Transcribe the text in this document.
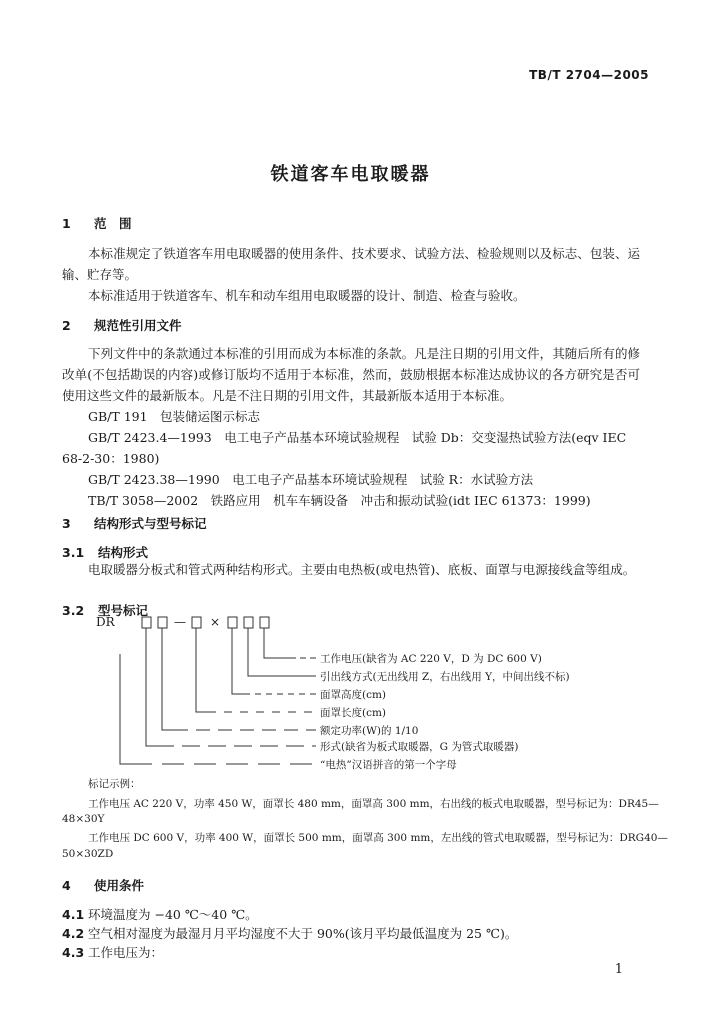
TB/T 2704—2005
铁道客车电取暖器
1 范　围
本标准规定了铁道客车用电取暖器的使用条件、技术要求、试验方法、检验规则以及标志、包装、运输、贮存等。
本标准适用于铁道客车、机车和动车组用电取暖器的设计、制造、检查与验收。
2 规范性引用文件
下列文件中的条款通过本标准的引用而成为本标准的条款。凡是注日期的引用文件，其随后所有的修改单(不包括勘误的内容)或修订版均不适用于本标准，然而，鼓励根据本标准达成协议的各方研究是否可使用这些文件的最新版本。凡是不注日期的引用文件，其最新版本适用于本标准。
GB/T 191　包装储运图示标志
GB/T 2423.4—1993　电工电子产品基本环境试验规程　试验 Db：交变湿热试验方法(eqv IEC
68-2-30：1980)
GB/T 2423.38—1990　电工电子产品基本环境试验规程　试验 R：水试验方法
TB/T 3058—2002　铁路应用　机车车辆设备　冲击和振动试验(idt IEC 61373：1999)
3 结构形式与型号标记
3.1 结构形式
电取暖器分板式和管式两种结构形式。主要由电热板(或电热管)、底板、面罩与电源接线盒等组成。
3.2 型号标记
DR	— ×
工作电压(缺省为 AC 220 V，D 为 DC 600 V)
引出线方式(无出线用 Z，右出线用 Y，中间出线不标)
面罩高度(cm)
面罩长度(cm)
额定功率(W)的 1/10
形式(缺省为板式取暖器，G 为管式取暖器)
“电热”汉语拼音的第一个字母
标记示例：
工作电压 AC 220 V，功率 450 W，面罩长 480 mm，面罩高 300 mm，右出线的板式电取暖器，型号标记为：DR45—
48×30Y
工作电压 DC 600 V，功率 400 W，面罩长 500 mm，面罩高 300 mm，左出线的管式电取暖器，型号标记为：DRG40—
50×30ZD
4 使用条件
4.1 环境温度为 −40 ℃～40 ℃。
4.2 空气相对湿度为最湿月月平均湿度不大于 90%(该月平均最低温度为 25 ℃)。
4.3 工作电压为：
1
